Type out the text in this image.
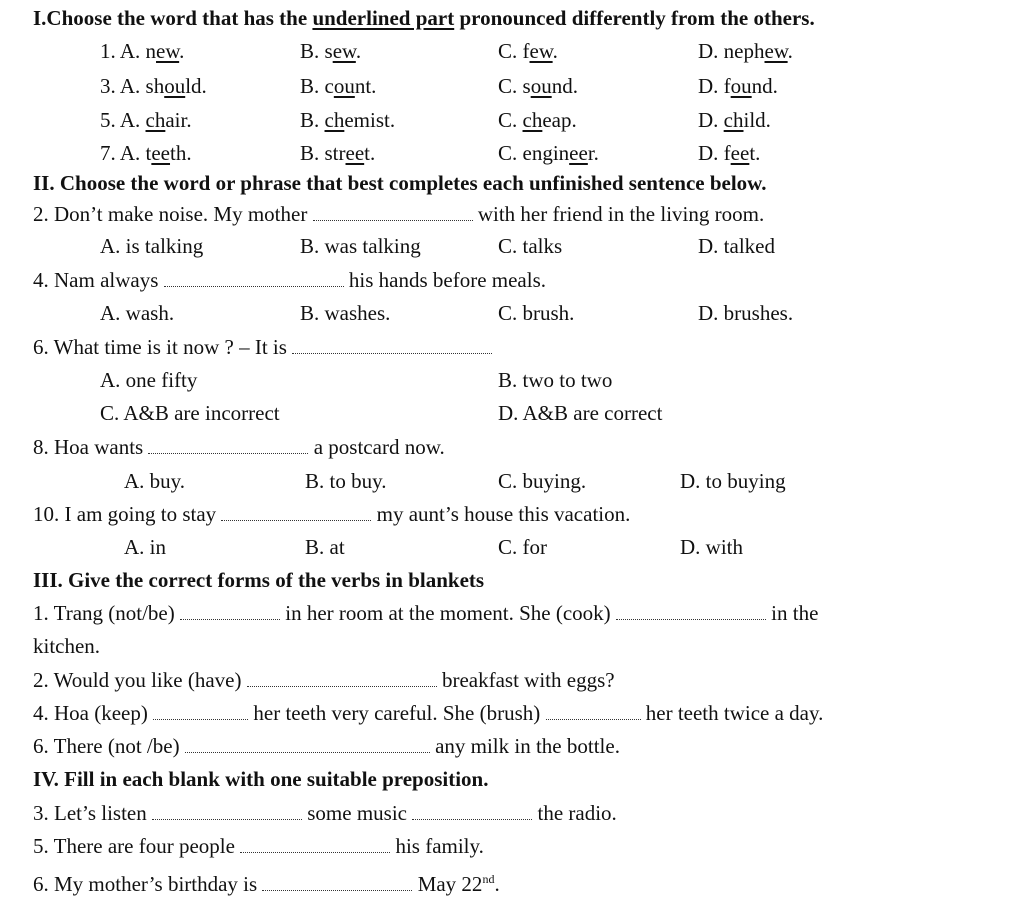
I.Choose the word that has the underlined part pronounced differently from the others.
1. A. new.	B. sew.	C. few.	D. nephew.
3. A. should.	B. count.	C. sound.	D. found.
5. A. chair.	B. chemist.	C. cheap.	D. child.
7. A. teeth.	B. street.	C. engineer.	D. feet.
II. Choose the word or phrase that best completes each unfinished sentence below.
2. Don’t make noise. My mother	with her friend in the living room.
A. is talking	B. was talking	C. talks	D. talked
4. Nam always	his hands before meals.
A. wash.	B. washes.	C. brush.	D. brushes.
6. What time is it now ? – It is
A. one fifty	B. two to two
C. A&B are incorrect	D. A&B are correct
8. Hoa wants	a postcard now.
A. buy.	B. to buy.	C. buying.	D. to buying
10. I am going to stay	my aunt’s house this vacation.
A. in	B. at	C. for	D. with
III. Give the correct forms of the verbs in blankets
1. Trang (not/be)	in her room at the moment. She (cook)	in the
kitchen.
2. Would you like (have)	breakfast with eggs?
4. Hoa (keep)	her teeth very careful. She (brush)	her teeth twice a day.
6. There (not /be)	any milk in the bottle.
IV. Fill in each blank with one suitable preposition.
3. Let’s listen	some music	the radio.
5. There are four people	his family.
6. My mother’s birthday is	May 22nd.
